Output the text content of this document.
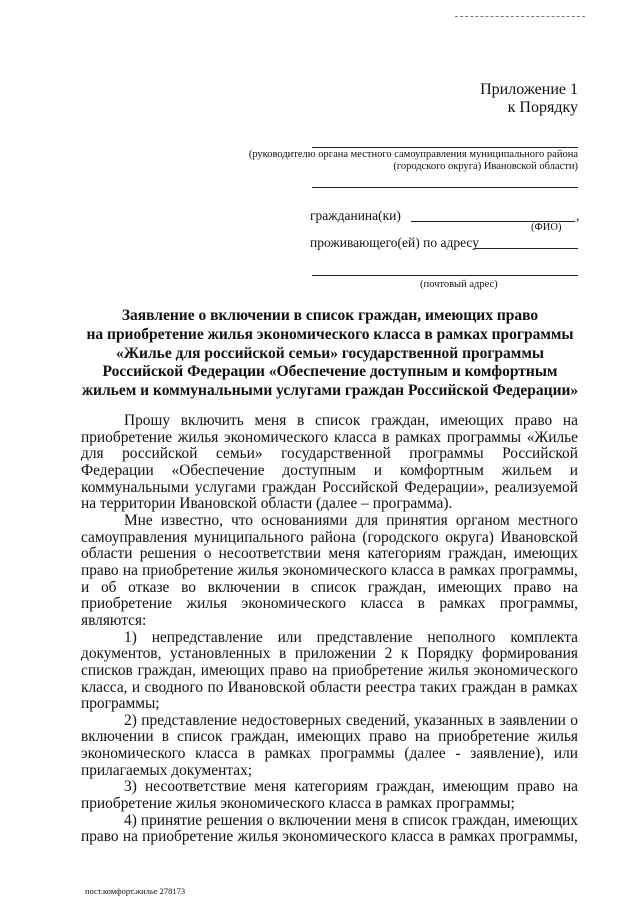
Приложение 1
к Порядку
(руководителю органа местного самоуправления муниципального района
(городского округа) Ивановской области)
гражданина(ки)	,
(ФИО)
проживающего(ей) по адресу
(почтовый адрес)
Заявление о включении в список граждан, имеющих право
на приобретение жилья экономического класса в рамках программы
«Жилье для российской семьи» государственной программы
Российской Федерации «Обеспечение доступным и комфортным
жильем и коммунальными услугами граждан Российской Федерации»
Прошу включить меня в список граждан, имеющих право на
приобретение жилья экономического класса в рамках программы «Жилье
для российской семьи» государственной программы Российской
Федерации «Обеспечение доступным и комфортным жильем и
коммунальными услугами граждан Российской Федерации», реализуемой
на территории Ивановской области (далее – программа).
Мне известно, что основаниями для принятия органом местного
самоуправления муниципального района (городского округа) Ивановской
области решения о несоответствии меня категориям граждан, имеющих
право на приобретение жилья экономического класса в рамках программы,
и об отказе во включении в список граждан, имеющих право на
приобретение жилья экономического класса в рамках программы,
являются:
1) непредставление или представление неполного комплекта
документов, установленных в приложении 2 к Порядку формирования
списков граждан, имеющих право на приобретение жилья экономического
класса, и сводного по Ивановской области реестра таких граждан в рамках
программы;
2) представление недостоверных сведений, указанных в заявлении о
включении в список граждан, имеющих право на приобретение жилья
экономического класса в рамках программы (далее - заявление), или
прилагаемых документах;
3) несоответствие меня категориям граждан, имеющим право на
приобретение жилья экономического класса в рамках программы;
4) принятие решения о включении меня в список граждан, имеющих
право на приобретение жилья экономического класса в рамках программы,
пост.комфорт.жилье 278173
